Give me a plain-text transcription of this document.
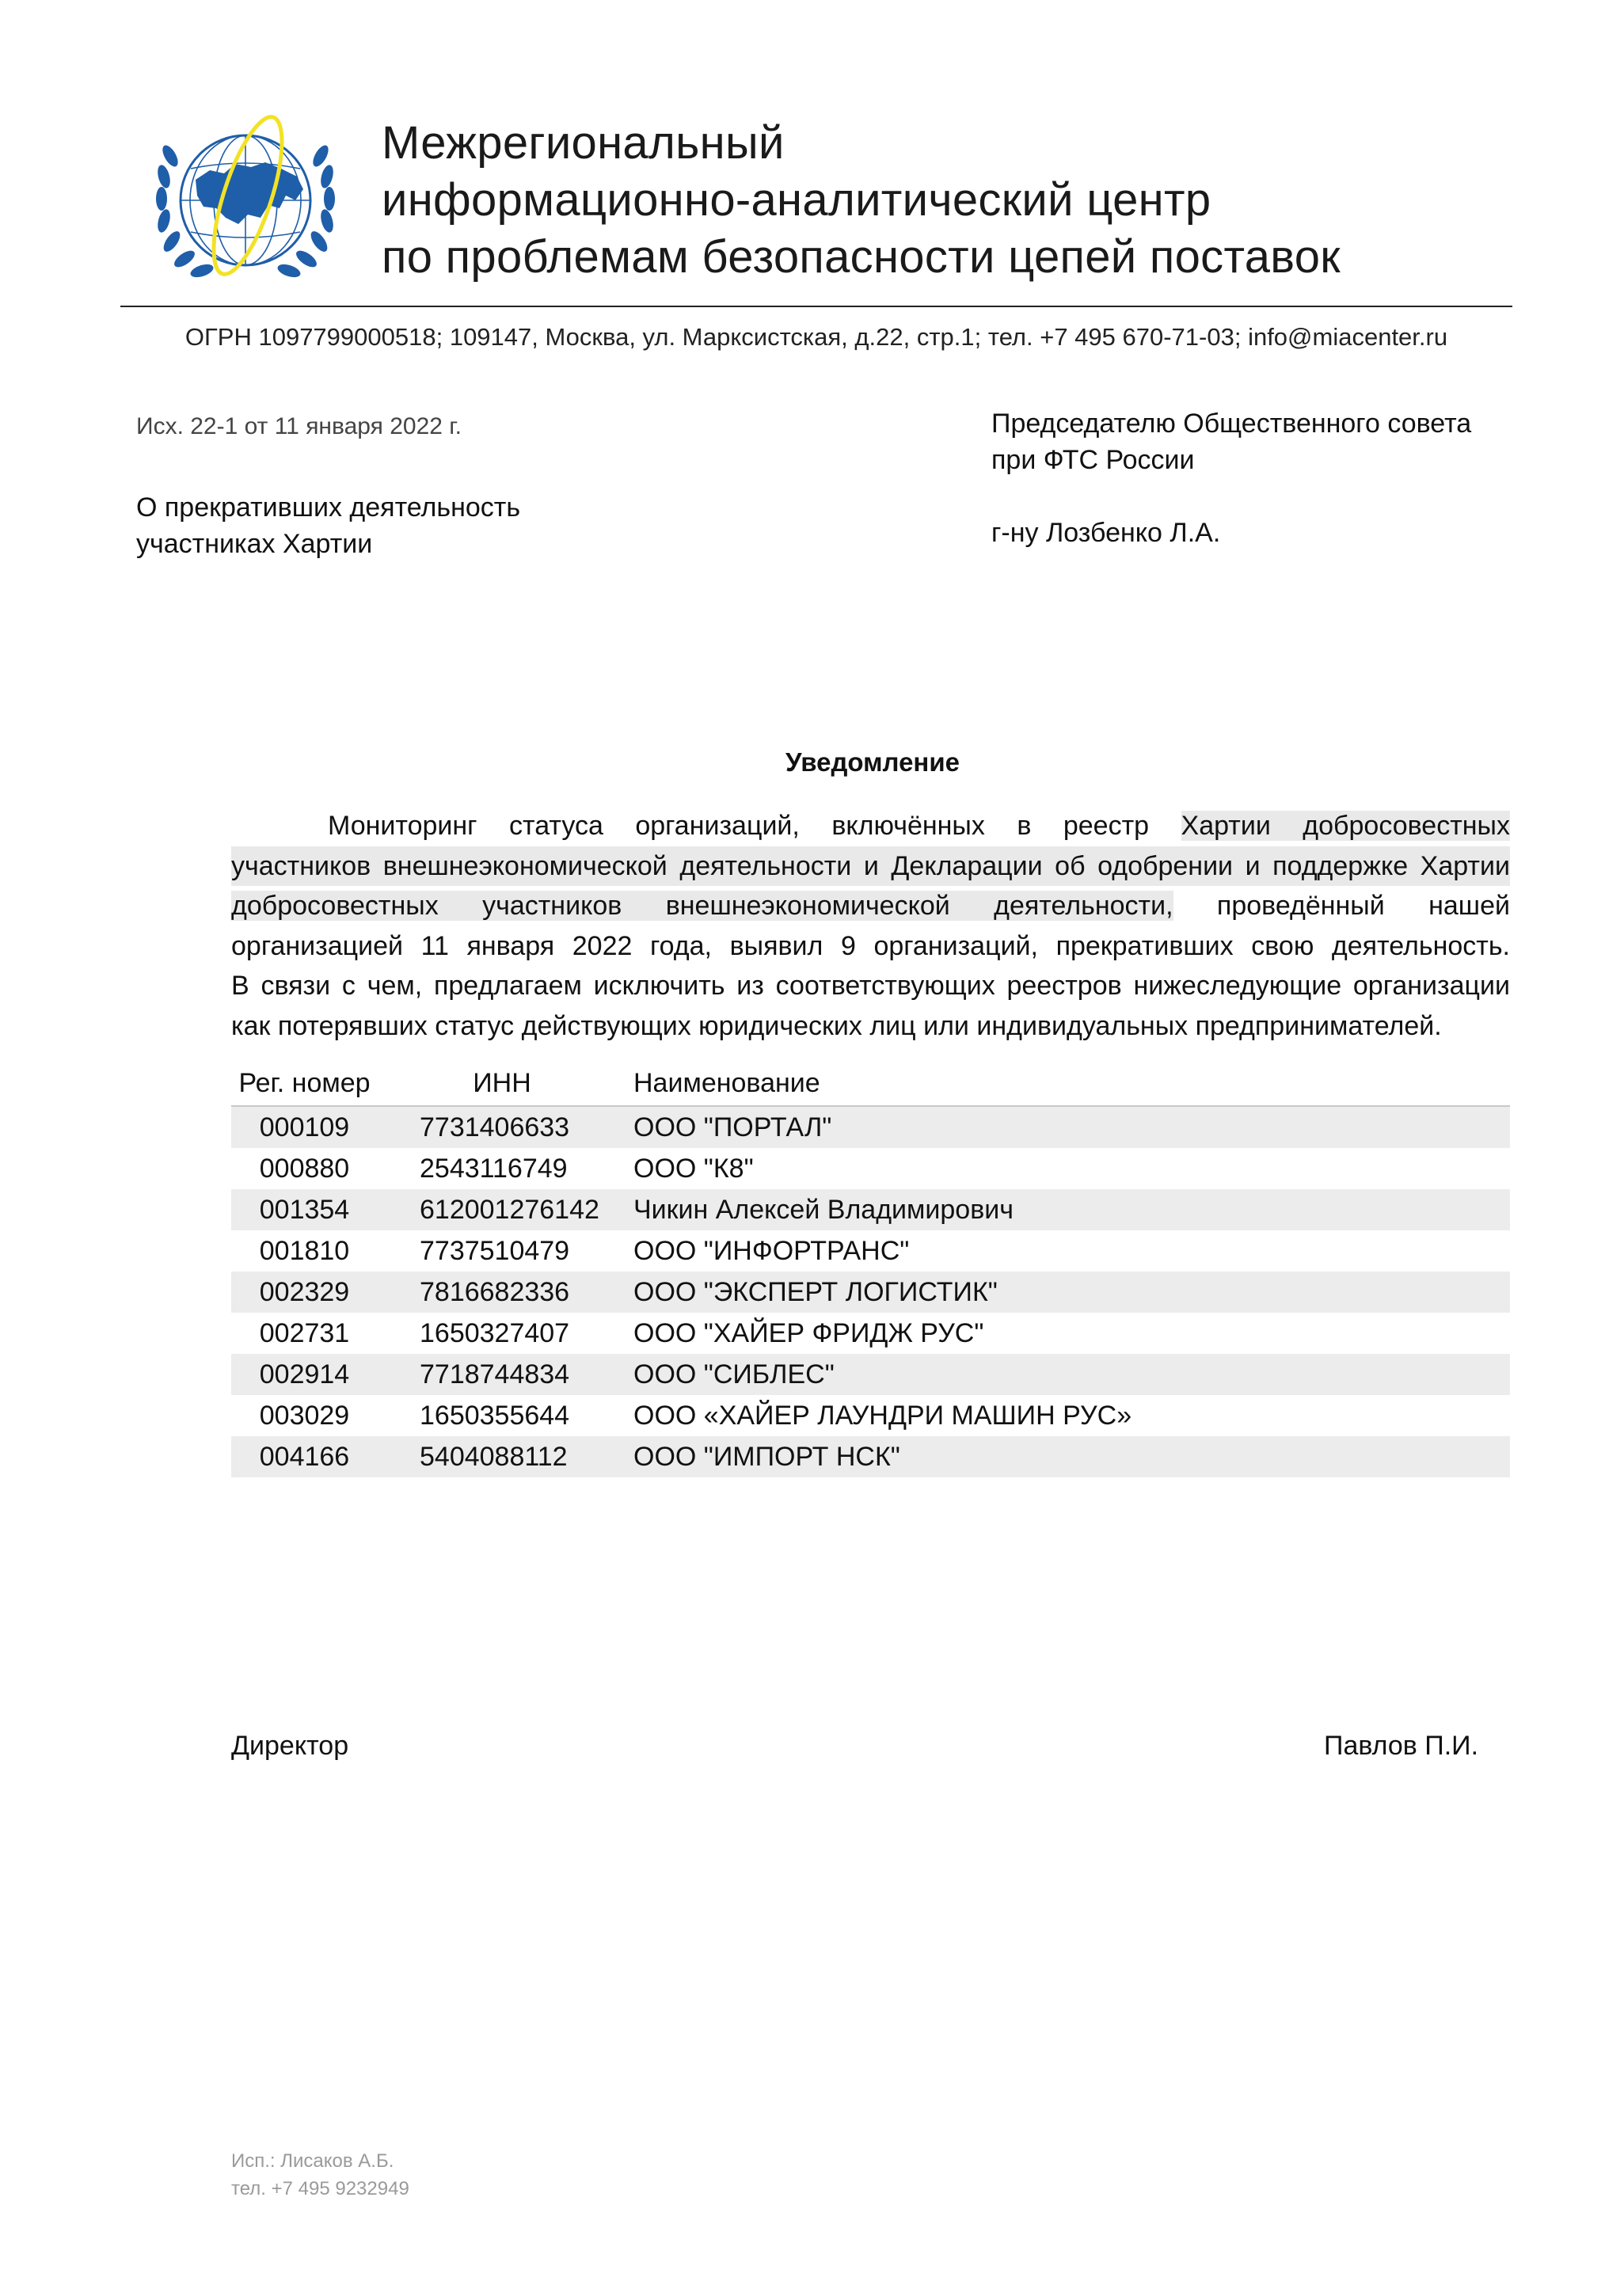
Межрегиональный
информационно-аналитический центр
по проблемам безопасности цепей поставок
ОГРН 1097799000518; 109147, Москва, ул. Марксистская, д.22, стр.1; тел. +7 495 670-71-03; info@miacenter.ru
Исх. 22-1 от 11 января 2022 г.
О прекративших деятельность
участниках Хартии
Председателю Общественного совета
при ФТС России
г-ну Лозбенко Л.А.
Уведомление
Мониторинг статуса организаций, включённых в реестр Хартии добросовестных
участников внешнеэкономической деятельности и Декларации об одобрении и поддержке Хартии
добросовестных участников внешнеэкономической деятельности, проведённый нашей
организацией 11 января 2022 года, выявил 9 организаций, прекративших свою деятельность.
В связи с чем, предлагаем исключить из соответствующих реестров нижеследующие организации
как потерявших статус действующих юридических лиц или индивидуальных предпринимателей.
Рег. номер	ИНН	Наименование
000109	7731406633	ООО "ПОРТАЛ"
000880	2543116749	ООО "К8"
001354	612001276142 Чикин Алексей Владимирович
001810	7737510479	ООО "ИНФОРТРАНС"
002329	7816682336	ООО "ЭКСПЕРТ ЛОГИСТИК"
002731	1650327407	ООО "ХАЙЕР ФРИДЖ РУС"
002914	7718744834	ООО "СИБЛЕС"
003029	1650355644	ООО «ХАЙЕР ЛАУНДРИ МАШИН РУС»
004166	5404088112	ООО "ИМПОРТ НСК"
Директор	Павлов П.И.
Исп.: Лисаков А.Б.
тел. +7 495 9232949
